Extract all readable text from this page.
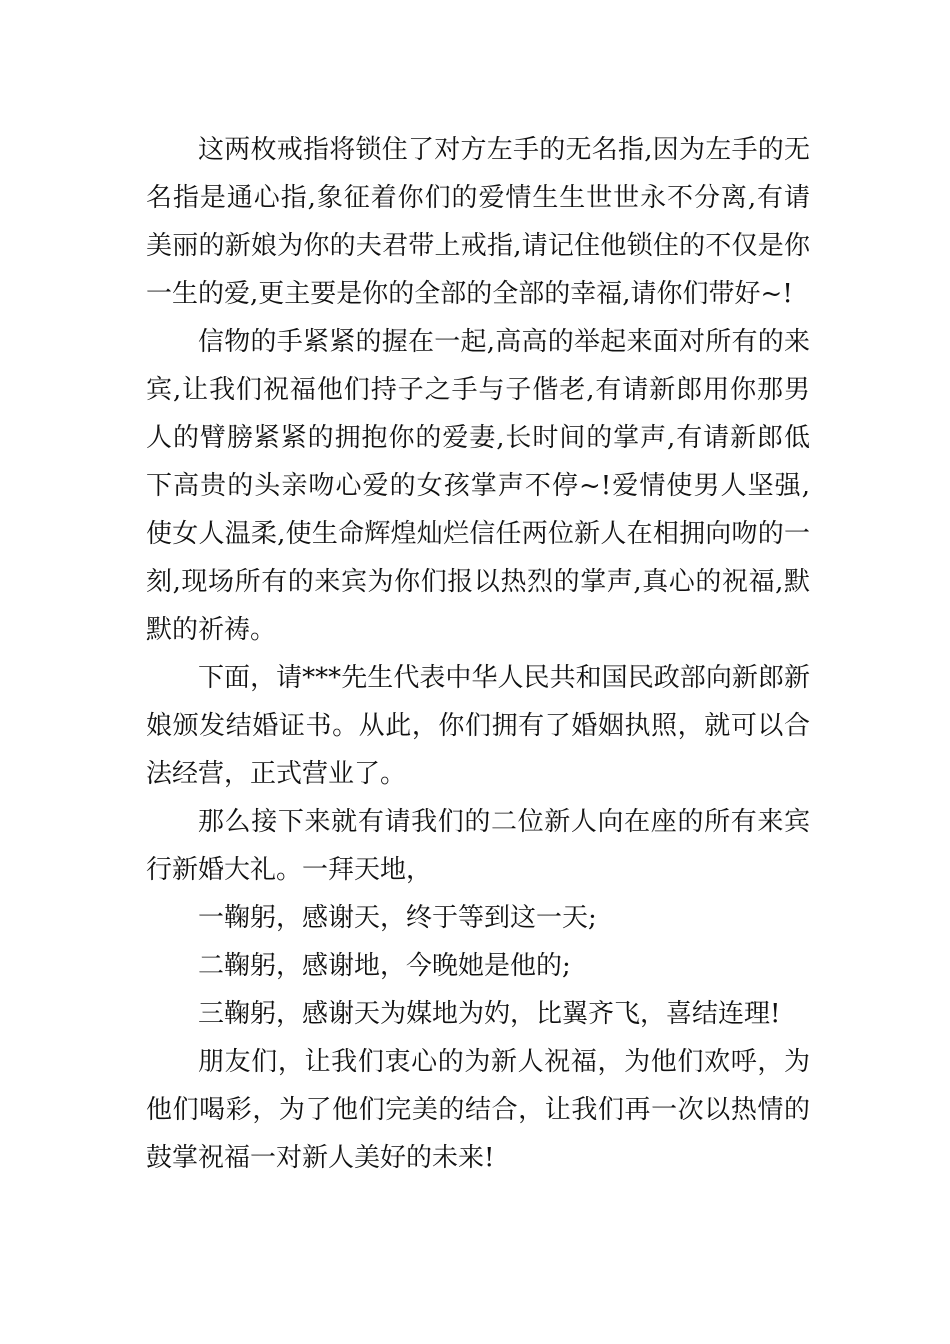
这两枚戒指将锁住了对方左手的无名指,因为左手的无名指是通心指,象征着你们的爱情生生世世永不分离,有请美丽的新娘为你的夫君带上戒指,请记住他锁住的不仅是你一生的爱,更主要是你的全部的全部的幸福,请你们带好~!

信物的手紧紧的握在一起,高高的举起来面对所有的来宾,让我们祝福他们持子之手与子偕老,有请新郎用你那男人的臂膀紧紧的拥抱你的爱妻,长时间的掌声,有请新郎低下高贵的头亲吻心爱的女孩掌声不停~!爱情使男人坚强,使女人温柔,使生命辉煌灿烂信任两位新人在相拥向吻的一刻,现场所有的来宾为你们报以热烈的掌声,真心的祝福,默默的祈祷。

下面，请***先生代表中华人民共和国民政部向新郎新娘颁发结婚证书。从此，你们拥有了婚姻执照，就可以合法经营，正式营业了。

那么接下来就有请我们的二位新人向在座的所有来宾行新婚大礼。一拜天地，

一鞠躬，感谢天，终于等到这一天;

二鞠躬，感谢地，今晚她是他的;

三鞠躬，感谢天为媒地为妁，比翼齐飞，喜结连理!

朋友们，让我们衷心的为新人祝福，为他们欢呼，为他们喝彩，为了他们完美的结合，让我们再一次以热情的鼓掌祝福一对新人美好的未来!
